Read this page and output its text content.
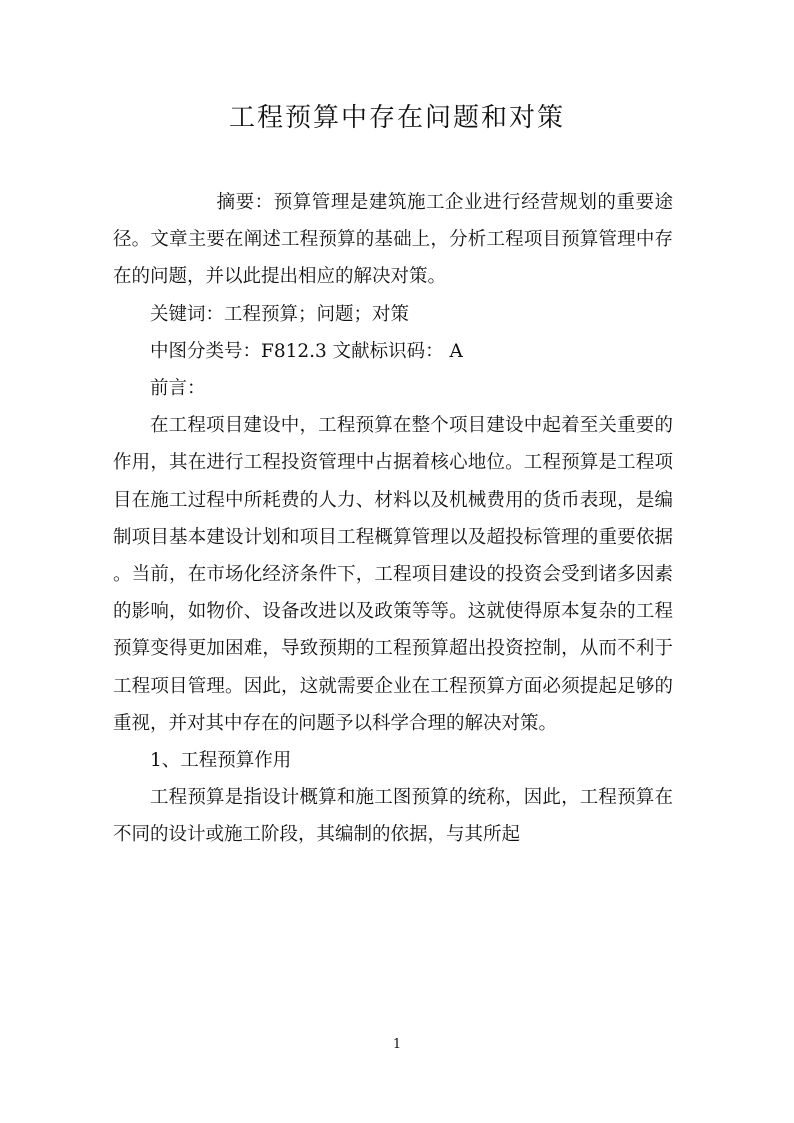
工程预算中存在问题和对策

摘要：预算管理是建筑施工企业进行经营规划的重要途径。文章主要在阐述工程预算的基础上，分析工程项目预算管理中存在的问题，并以此提出相应的解决对策。

关键词：工程预算；问题；对策

中图分类号：F812.3 文献标识码： A

前言：

在工程项目建设中，工程预算在整个项目建设中起着至关重要的作用，其在进行工程投资管理中占据着核心地位。工程预算是工程项目在施工过程中所耗费的人力、材料以及机械费用的货币表现，是编制项目基本建设计划和项目工程概算管理以及超投标管理的重要依据。当前，在市场化经济条件下，工程项目建设的投资会受到诸多因素的影响，如物价、设备改进以及政策等等。这就使得原本复杂的工程预算变得更加困难，导致预期的工程预算超出投资控制，从而不利于工程项目管理。因此，这就需要企业在工程预算方面必须提起足够的重视，并对其中存在的问题予以科学合理的解决对策。

1、工程预算作用

工程预算是指设计概算和施工图预算的统称，因此，工程预算在不同的设计或施工阶段，其编制的依据，与其所起

1
